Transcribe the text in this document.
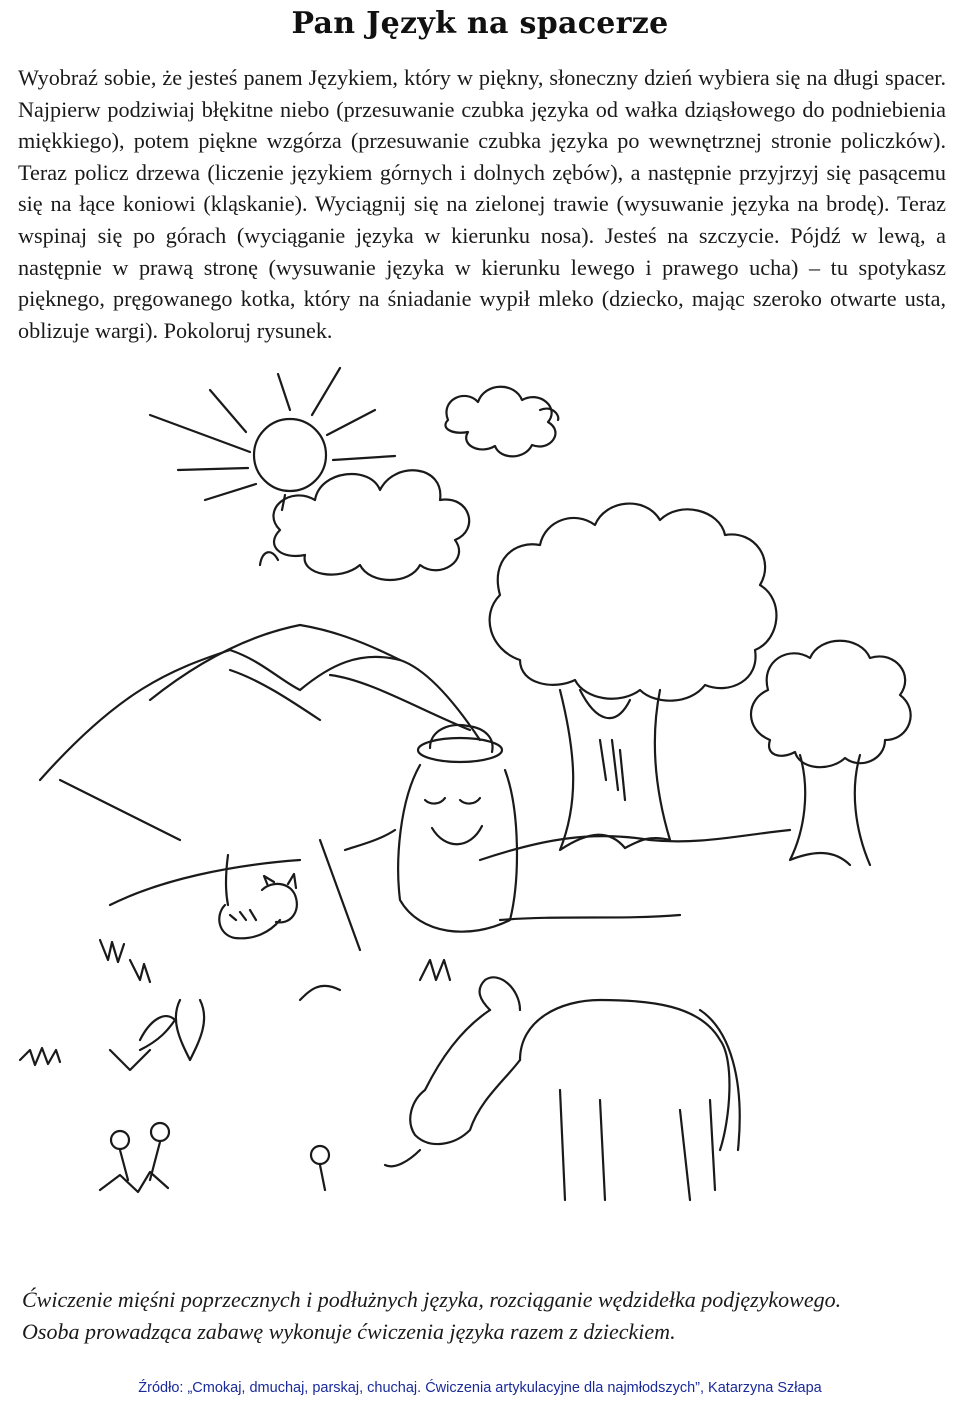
Pan Język na spacerze
Wyobraź sobie, że jesteś panem Językiem, który w piękny, słoneczny dzień wybiera się na długi spacer. Najpierw podziwiaj błękitne niebo (przesuwanie czubka języka od wałka dziąsłowego do podniebienia miękkiego), potem piękne wzgórza (przesuwanie czubka języka po wewnętrznej stronie policzków). Teraz policz drzewa (liczenie językiem górnych i dolnych zębów), a następnie przyjrzyj się pasącemu się na łące koniowi (kląskanie). Wyciągnij się na zielonej trawie (wysuwanie języka na brodę). Teraz wspinaj się po górach (wyciąganie języka w kierunku nosa). Jesteś na szczycie. Pójdź w lewą, a następnie w prawą stronę (wysuwanie języka w kierunku lewego i prawego ucha) – tu spotykasz pięknego, pręgowanego kotka, który na śniadanie wypił mleko (dziecko, mając szeroko otwarte usta, oblizuje wargi). Pokoloruj rysunek.

Ćwiczenie mięśni poprzecznych i podłużnych języka, rozciąganie wędzidełka podjęzykowego.

Osoba prowadząca zabawę wykonuje ćwiczenia języka razem z dzieckiem.

Źródło: „Cmokaj, dmuchaj, parskaj, chuchaj. Ćwiczenia artykulacyjne dla najmłodszych”, Katarzyna Szłapa
